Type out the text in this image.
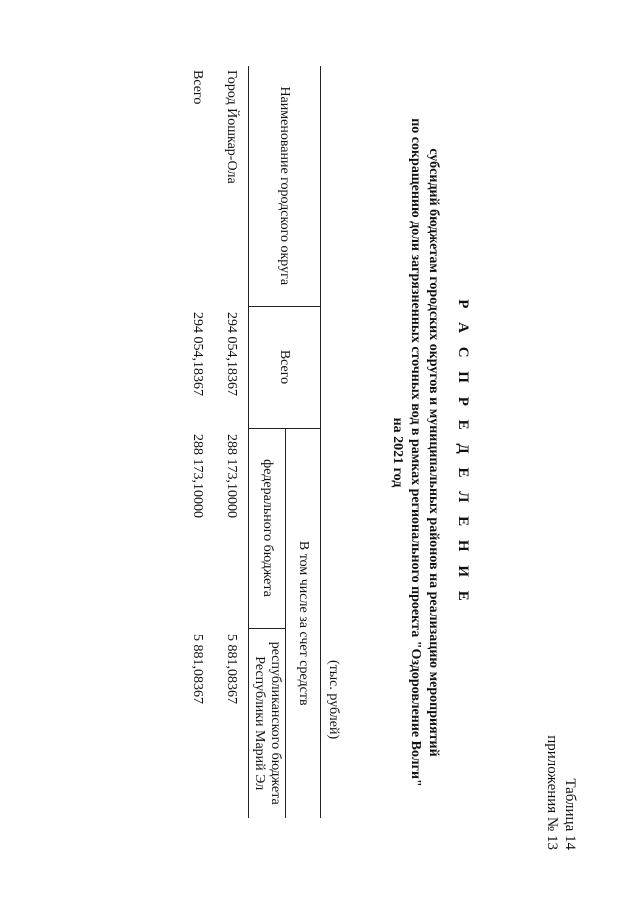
Таблица 14
приложения № 13
Р А С П Р Е Д Е Л Е Н И Е
субсидий бюджетам городских округов и муниципальных районов на реализацию мероприятий
по сокращению доли загрязненных сточных вод в рамках регионального проекта "Оздоровление Волги"
на 2021 год
(тыс. рублей)
Наименование городского округа	Всего	В том числе за счет средств	
		федерального бюджета	республиканского бюджета
Республики Марий Эл

Город Йошкар-Ола	294 054,18367	288 173,10000	5 881,08367
Всего	294 054,18367	288 173,10000	5 881,08367
